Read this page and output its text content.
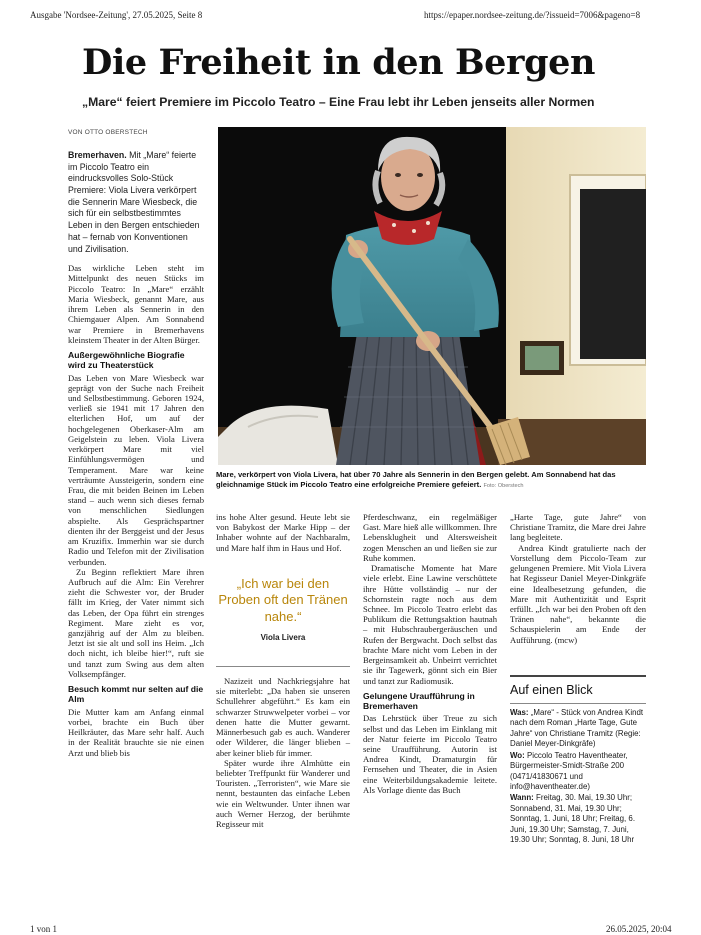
Ausgabe 'Nordsee-Zeitung', 27.05.2025, Seite 8	https://epaper.nordsee-zeitung.de/?issueid=7006&pageno=8
1 von 1	26.05.2025, 20:04
Die Freiheit in den Bergen
„Mare“ feiert Premiere im Piccolo Teatro – Eine Frau lebt ihr Leben jenseits aller Normen
VON OTTO OBERSTECH

Mare, verkörpert von Viola Livera, hat über 70 Jahre als Sennerin in den Bergen gelebt. Am Sonnabend hat das gleichnamige Stück im Piccolo Teatro eine erfolgreiche Premiere gefeiert. Foto: Oberstech

Bremerhaven. Mit „Mare“ feierte im Piccolo Teatro ein eindrucksvolles Solo-Stück Premiere: Viola Livera verkörpert die Sennerin Mare Wiesbeck, die sich für ein selbstbestimmtes Leben in den Bergen entschieden hat – fernab von Konventionen und Zivilisation.

Das wirkliche Leben steht im Mittelpunkt des neuen Stücks im Piccolo Teatro: In „Mare“ erzählt Maria Wiesbeck, genannt Mare, aus ihrem Leben als Sennerin in den Chiemgauer Alpen. Am Sonnabend war Premiere in Bremerhavens kleinstem Theater in der Alten Bürger.

Außergewöhnliche Biografie wird zu Theaterstück

Das Leben von Mare Wiesbeck war geprägt von der Suche nach Freiheit und Selbstbestimmung. Geboren 1924, verließ sie 1941 mit 17 Jahren den elterlichen Hof, um auf der hochgelegenen Oberkaser-Alm am Geigelstein zu leben. Viola Livera verkörpert Mare mit viel Einfühlungsvermögen und Temperament. Mare war keine verträumte Aussteigerin, sondern eine Frau, die mit beiden Beinen im Leben stand – auch wenn sich dieses fernab von menschlichen Siedlungen abspielte. Als Gesprächspartner dienten ihr der Berggeist und der Jesus am Kruzifix. Immerhin war sie durch Radio und Telefon mit der Zivilisation verbunden.

Zu Beginn reflektiert Mare ihren Aufbruch auf die Alm: Ein Verehrer zieht die Schwester vor, der Bruder fällt im Krieg, der Vater nimmt sich das Leben, der Opa führt ein strenges Regiment. Mare zieht es vor, ganzjährig auf der Alm zu bleiben. Jetzt ist sie alt und soll ins Heim. „Ich doch nicht, ich bleibe hier!“, ruft sie und tanzt zum Swing aus dem alten Volksempfänger.

Besuch kommt nur selten auf die Alm

Die Mutter kam am Anfang einmal vorbei, brachte ein Buch über Heilkräuter, das Mare sehr half. Auch in der Realität brauchte sie nie einen Arzt und blieb bis

ins hohe Alter gesund. Heute lebt sie von Babykost der Marke Hipp – der Inhaber wohnte auf der Nachbaralm, und Mare half ihm in Haus und Hof.

„Ich war bei den Proben oft den Tränen nahe.“

Viola Livera

Nazizeit und Nachkriegsjahre hat sie miterlebt: „Da haben sie unseren Schullehrer abgeführt.“ Es kam ein schwarzer Struwwelpeter vorbei – vor denen hatte die Mutter gewarnt. Männerbesuch gab es auch. Wanderer oder Wilderer, die länger blieben – aber keiner blieb für immer.

Später wurde ihre Almhütte ein beliebter Treffpunkt für Wanderer und Touristen. „Terroristen“, wie Mare sie nennt, bestaunten das einfache Leben wie ein Weltwunder. Unter ihnen war auch Werner Herzog, der berühmte Regisseur mit

Pferdeschwanz, ein regelmäßiger Gast. Mare hieß alle willkommen. Ihre Lebensklugheit und Altersweisheit zogen Menschen an und ließen sie zur Ruhe kommen.

Dramatische Momente hat Mare viele erlebt. Eine Lawine verschüttete ihre Hütte vollständig – nur der Schornstein ragte noch aus dem Schnee. Im Piccolo Teatro erlebt das Publikum die Rettungsaktion hautnah – mit Hubschraubergeräuschen und Rufen der Bergwacht. Doch selbst das brachte Mare nicht vom Leben in der Bergeinsamkeit ab. Unbeirrt verrichtet sie ihr Tagewerk, gönnt sich ein Bier und tanzt zur Radiomusik.

Gelungene Uraufführung in Bremerhaven

Das Lehrstück über Treue zu sich selbst und das Leben im Einklang mit der Natur feierte im Piccolo Teatro seine Uraufführung. Autorin ist Andrea Kindt, Dramaturgin für Fernsehen und Theater, die in Asien eine Weiterbildungsakademie leitete. Als Vorlage diente das Buch

„Harte Tage, gute Jahre“ von Christiane Tramitz, die Mare drei Jahre lang begleitete.

Andrea Kindt gratulierte nach der Vorstellung dem Piccolo-Team zur gelungenen Premiere. Mit Viola Livera hat Regisseur Daniel Meyer-Dinkgräfe eine Idealbesetzung gefunden, die Mare mit Authentizität und Esprit erfüllt. „Ich war bei den Proben oft den Tränen nahe“, bekannte die Schauspielerin am Ende der Aufführung. (mcw)

Auf einen Blick

Was: „Mare“ - Stück von Andrea Kindt nach dem Roman „Harte Tage, Gute Jahre“ von Christiane Tramitz (Regie: Daniel Meyer-Dinkgräfe)

Wo: Piccolo Teatro Haventheater, Bürgermeister-Smidt-Straße 200 (0471/41830671 und info@haventheater.de)

Wann: Freitag, 30. Mai, 19.30 Uhr; Sonnabend, 31. Mai, 19.30 Uhr; Sonntag, 1. Juni, 18 Uhr; Freitag, 6. Juni, 19.30 Uhr; Samstag, 7. Juni, 19.30 Uhr; Sonntag, 8. Juni, 18 Uhr
